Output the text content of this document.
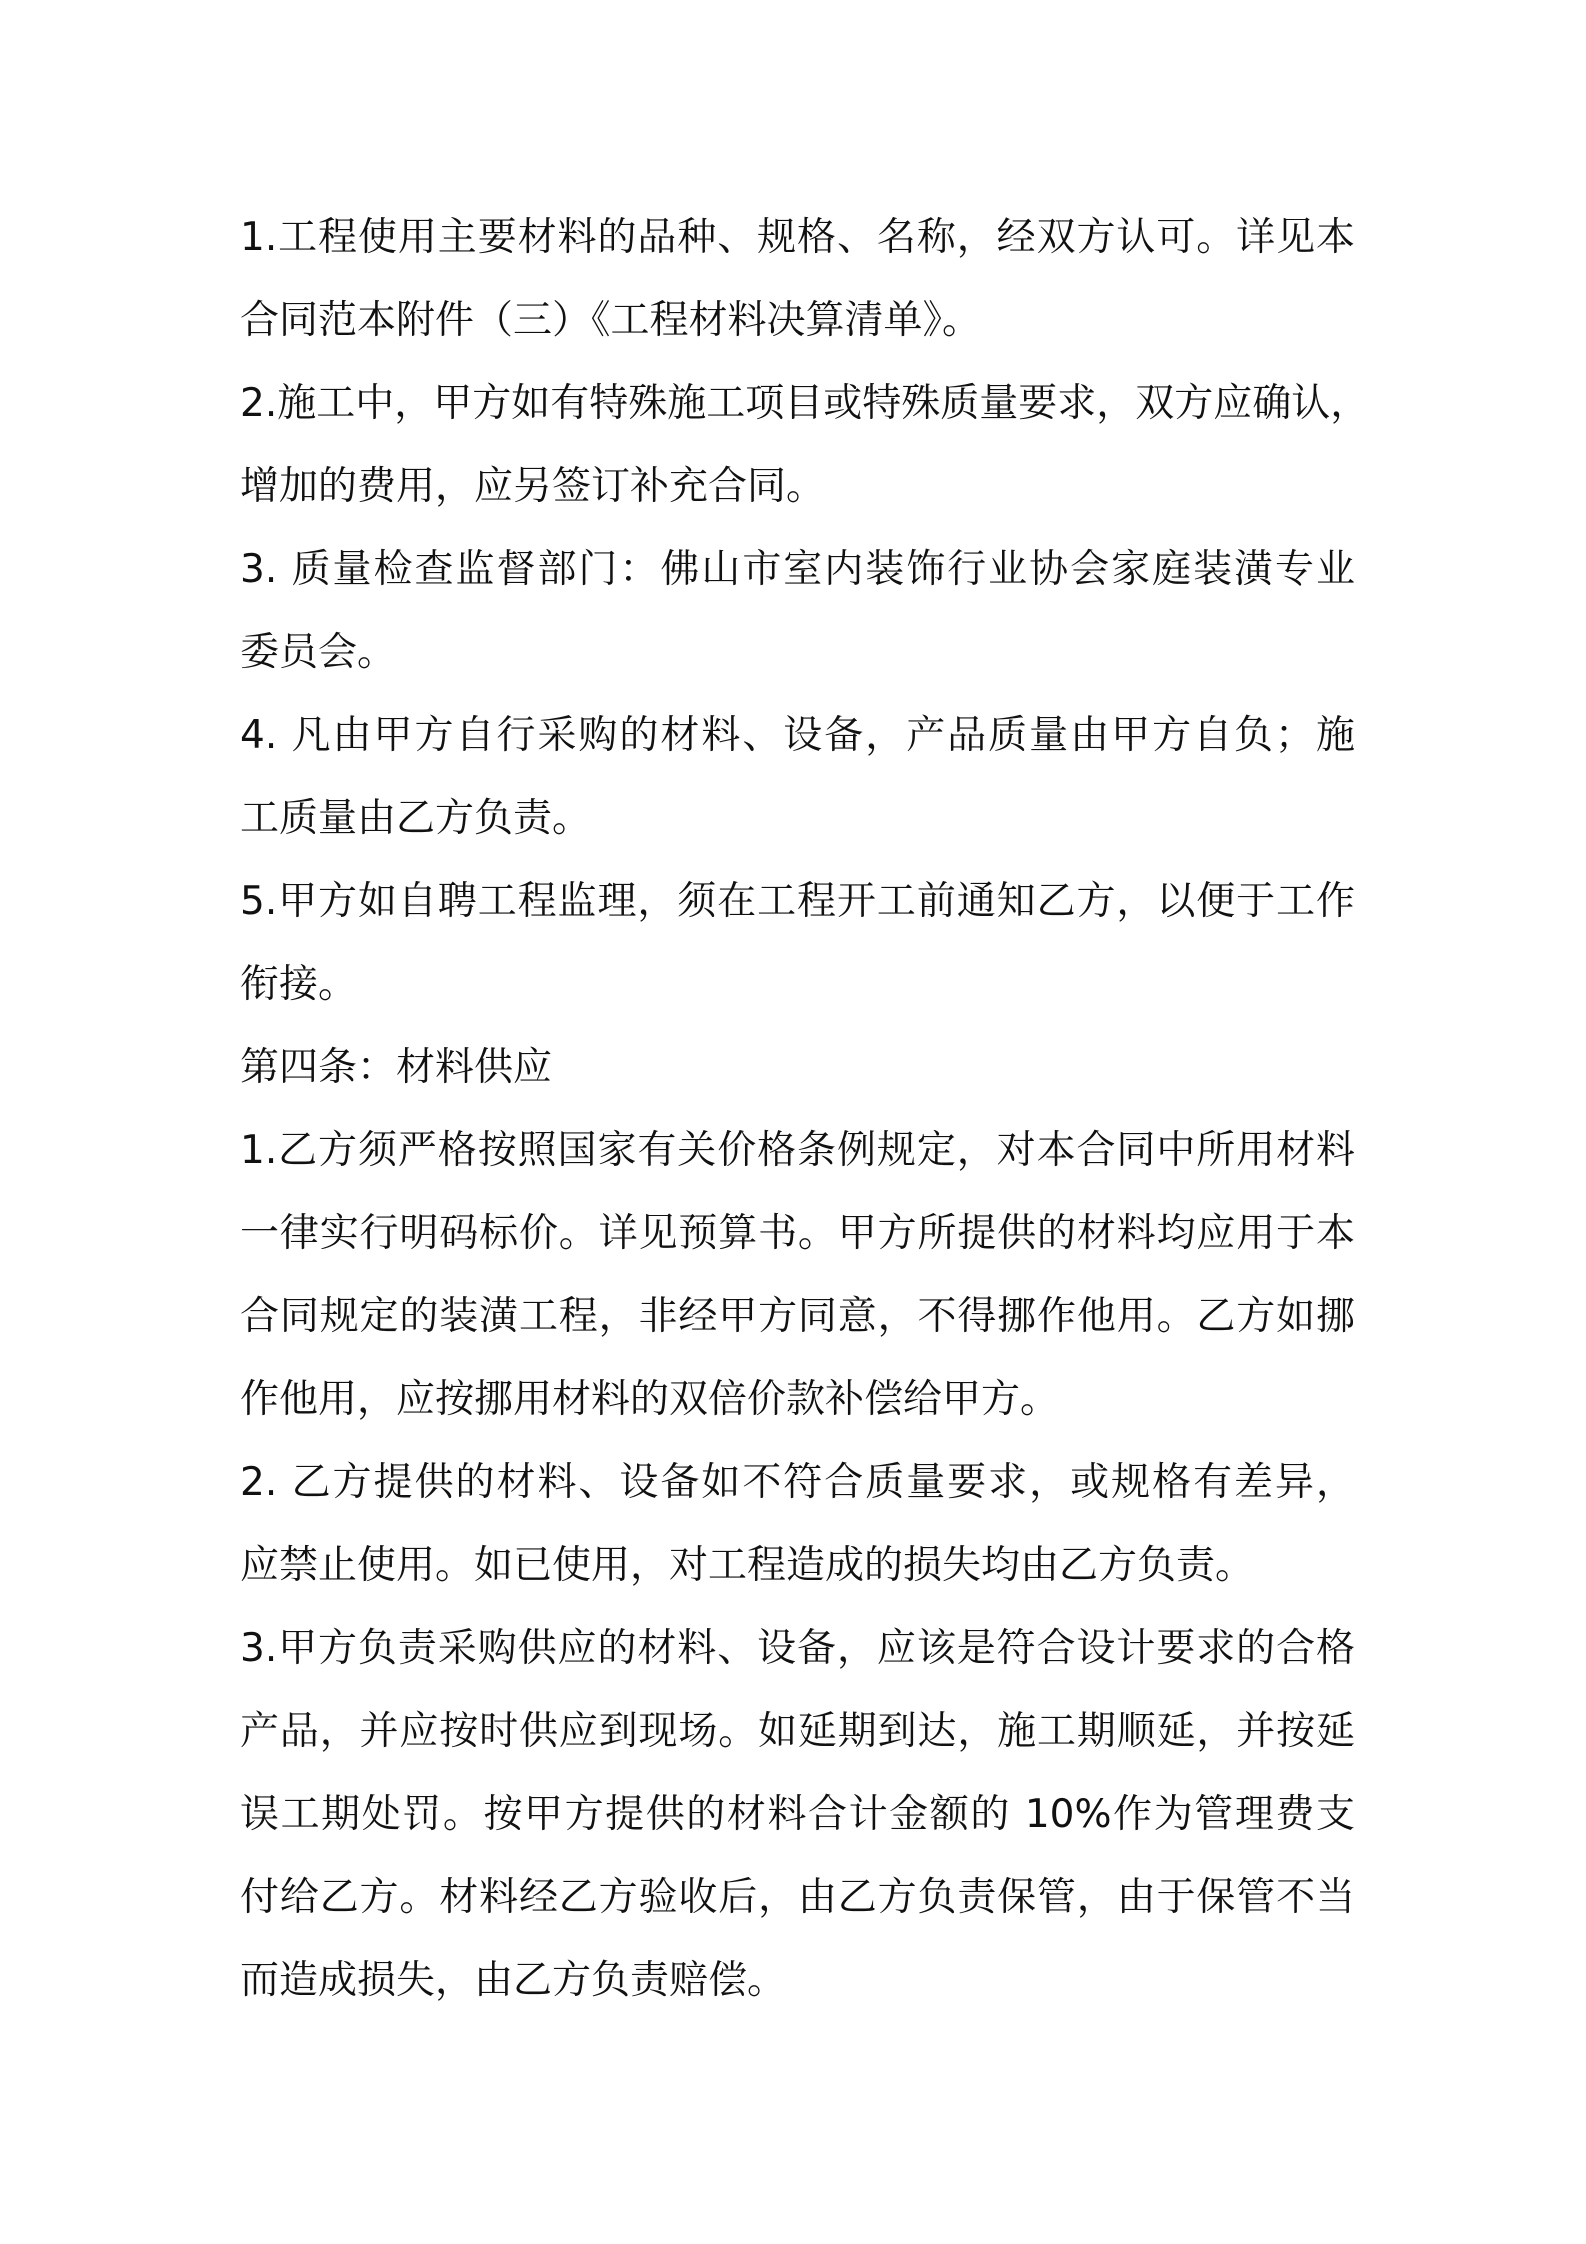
1.工程使用主要材料的品种、规格、名称，经双方认可。详见本
合同范本附件（三）《工程材料决算清单》。
2.施工中，甲方如有特殊施工项目或特殊质量要求，双方应确认，
增加的费用，应另签订补充合同。
3. 质量检查监督部门：佛山市室内装饰行业协会家庭装潢专业
委员会。
4. 凡由甲方自行采购的材料、设备，产品质量由甲方自负；施
工质量由乙方负责。
5.甲方如自聘工程监理，须在工程开工前通知乙方，以便于工作
衔接。
第四条：材料供应
1.乙方须严格按照国家有关价格条例规定，对本合同中所用材料
一律实行明码标价。详见预算书。甲方所提供的材料均应用于本
合同规定的装潢工程，非经甲方同意，不得挪作他用。乙方如挪
作他用，应按挪用材料的双倍价款补偿给甲方。
2. 乙方提供的材料、设备如不符合质量要求，或规格有差异，
应禁止使用。如已使用，对工程造成的损失均由乙方负责。
3.甲方负责采购供应的材料、设备，应该是符合设计要求的合格
产品，并应按时供应到现场。如延期到达，施工期顺延，并按延
误工期处罚。按甲方提供的材料合计金额的 10%作为管理费支
付给乙方。材料经乙方验收后，由乙方负责保管，由于保管不当
而造成损失，由乙方负责赔偿。
